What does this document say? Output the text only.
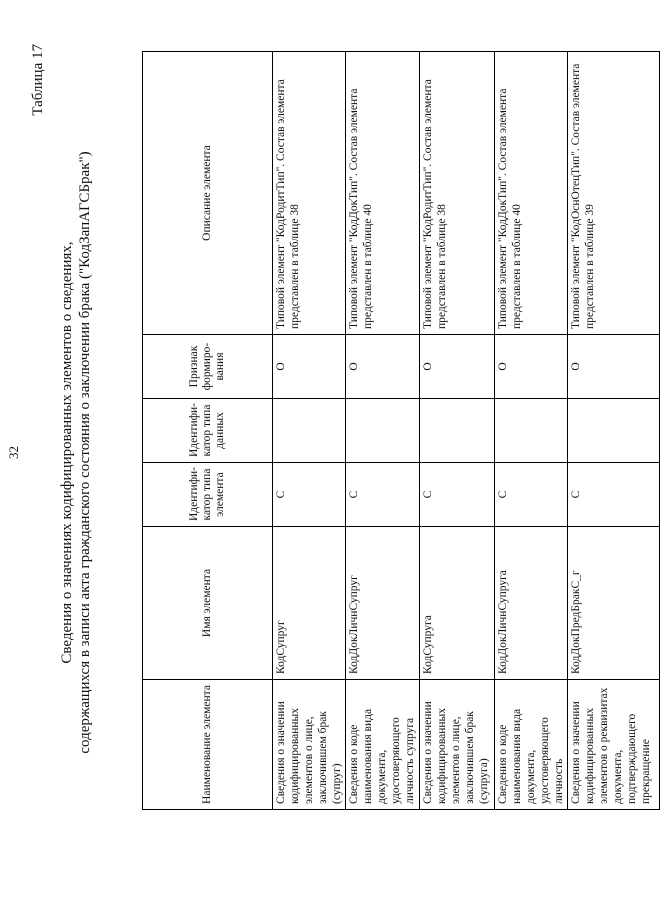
32
Таблица 17
Сведения о значениях кодифицированных элементов о сведениях, содержащихся в записи акта гражданского состояния о заключении брака ("КодЗапАГСБрак")	Наименование элемента	Имя элемента	Идентифи-катор типа элемента	Идентифи-катор типа данных	Признак формиро-вания	Описание элемента
Сведения о значении кодифицированных элементов о лице, заключившем брак (супруг)	КодСупруг	С		О	Типовой элемент "КодРодитТип". Состав элемента представлен в таблице 38
Сведения о коде наименования вида документа, удостоверяющего личность супруга	КодДокЛичнСупруг	С		О	Типовой элемент "КодДокТип". Состав элемента представлен в таблице 40
Сведения о значении кодифицированных элементов о лице, заключившем брак (супруга)	КодСупруга	С		О	Типовой элемент "КодРодитТип". Состав элемента представлен в таблице 38
Сведения о коде наименования вида документа, удостоверяющего личность	КодДокЛичнСупруга	С		О	Типовой элемент "КодДокТип". Состав элемента представлен в таблице 40
Сведения о значении кодифицированных элементов о реквизитах документа, подтверждающего прекращение	КодДокПредБракС_г	С		О	Типовой элемент "КодОснОтецТип". Состав элемента представлен в таблице 39
